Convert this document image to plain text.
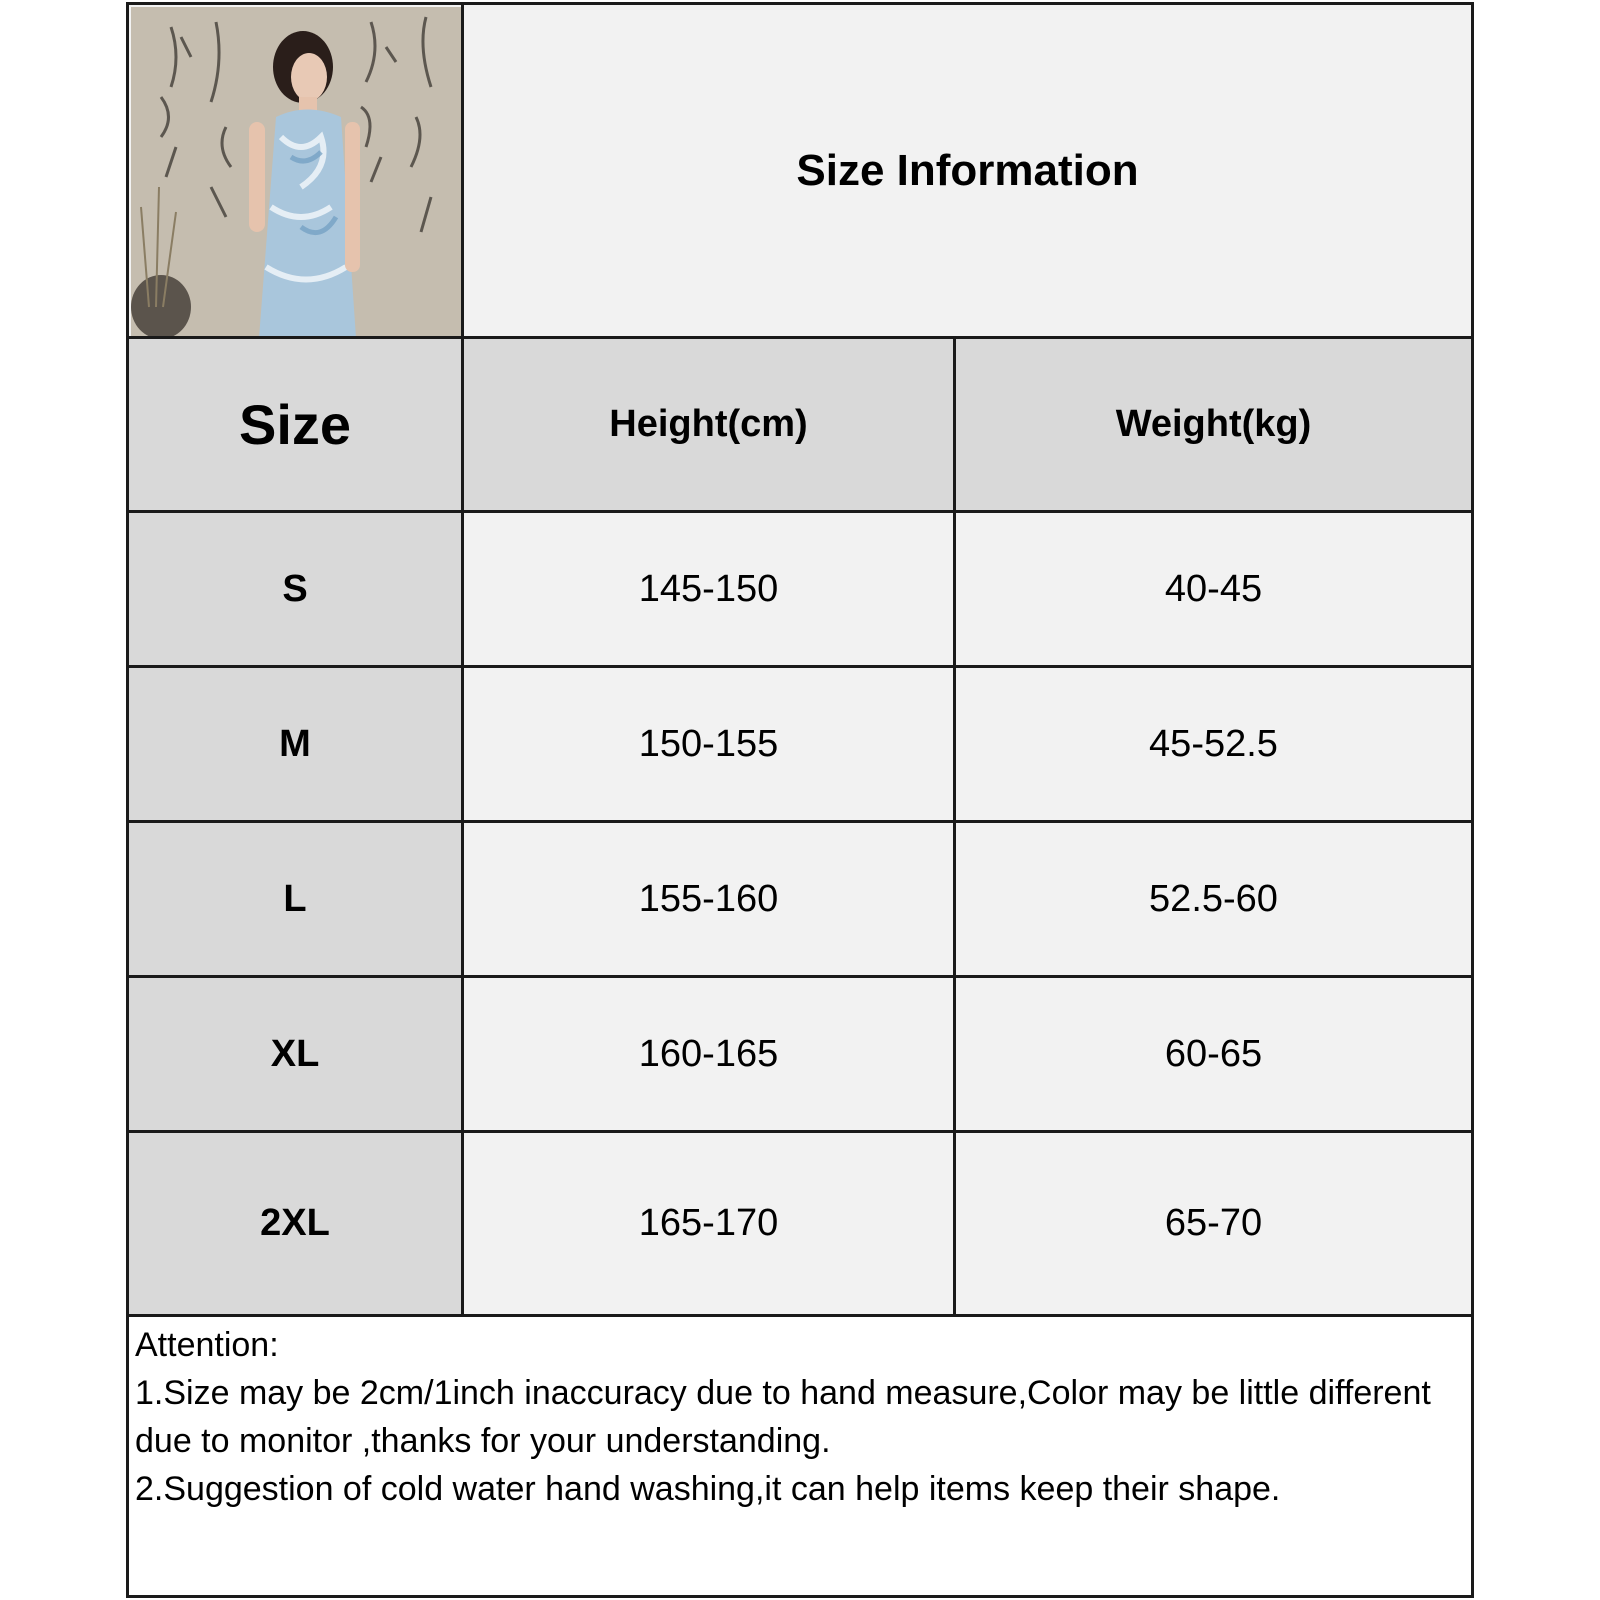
Size Information
Size	Height(cm)	Weight(kg)
S	145-150	40-45
M	150-155	45-52.5
L	155-160	52.5-60
XL	160-165	60-65
2XL	165-170	65-70
Attention:
1.Size may be 2cm/1inch inaccuracy due to hand measure,Color may be little different due to monitor ,thanks for your understanding.
2.Suggestion of cold water hand washing,it can help items keep their shape.
